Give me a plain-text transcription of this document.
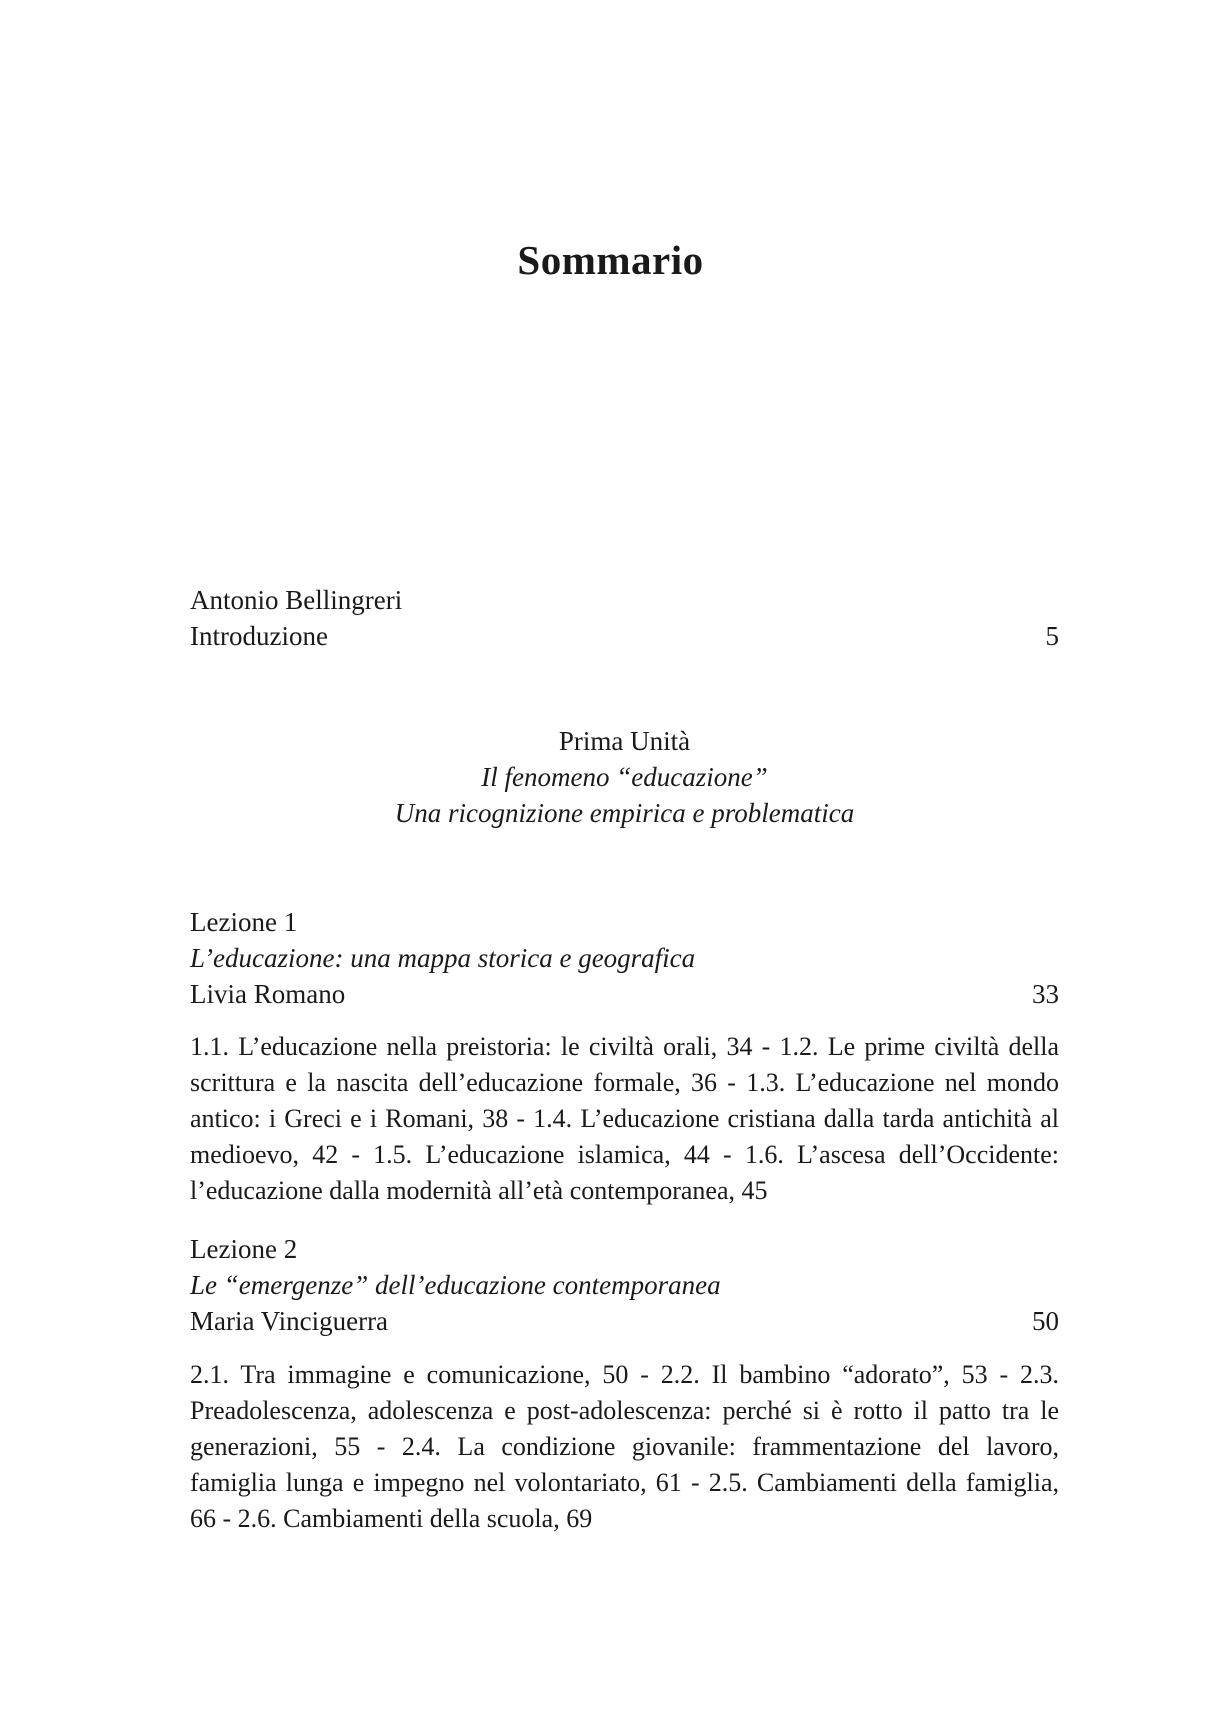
Sommario
Antonio Bellingreri
Introduzione	5
Prima Unità
Il fenomeno “educazione”
Una ricognizione empirica e problematica
Lezione 1
L’educazione: una mappa storica e geografica
Livia Romano	33

1.1. L’educazione nella preistoria: le civiltà orali, 34 - 1.2. Le prime civiltà della scrittura e la nascita dell’educazione formale, 36 - 1.3. L’educazione nel mondo antico: i Greci e i Romani, 38 - 1.4. L’educazione cristiana dalla tarda antichità al medioevo, 42 - 1.5. L’educazione islamica, 44 - 1.6. L’ascesa dell’Occidente: l’educazione dalla modernità all’età contemporanea, 45

Lezione 2
Le “emergenze” dell’educazione contemporanea
Maria Vinciguerra	50

2.1. Tra immagine e comunicazione, 50 - 2.2. Il bambino “adorato”, 53 - 2.3. Preadolescenza, adolescenza e post-adolescenza: perché si è rotto il patto tra le generazioni, 55 - 2.4. La condizione giovanile: frammentazione del lavoro, famiglia lunga e impegno nel volontariato, 61 - 2.5. Cambiamenti della famiglia, 66 - 2.6. Cambiamenti della scuola, 69
